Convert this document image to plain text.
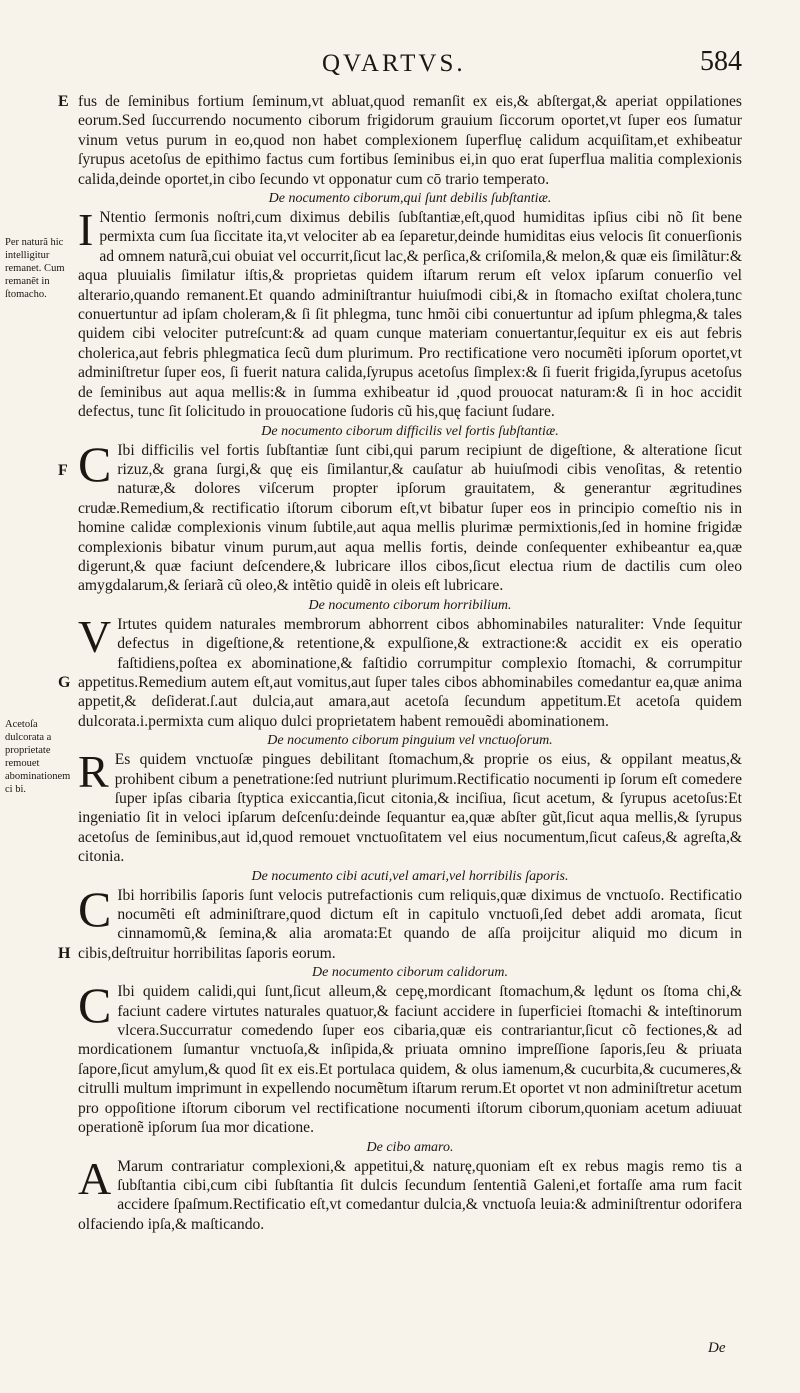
QVARTVS.	584
Per naturã hic intelligitur remanet. Cum remanẽt in ſtomacho.
Acetoſa dulcorata a proprietate remouet abominationem ci bi.
E fus de ſeminibus fortium ſeminum,vt abluat,quod remanſit ex eis,& abſtergat,& aperiat oppilationes eorum.Sed ſuccurrendo nocumento ciborum frigidorum grauium ſiccorum oportet,vt ſuper eos ſumatur vinum vetus purum in eo,quod non habet complexionem ſuperfluę calidum acquiſitam,et exhibeatur ſyrupus acetoſus de epithimo factus cum fortibus ſeminibus ei,in quo erat ſuperflua malitia complexionis calida,deinde oportet,in cibo ſecundo vt opponatur cum cō trario temperato.
De nocumento ciborum,qui ſunt debilis ſubſtantiæ.
I Ntentio ſermonis noſtri,cum diximus debilis ſubſtantiæ,eſt,quod humiditas ipſius cibi nõ ſit bene permixta cum ſua ſiccitate ita,vt velociter ab ea ſeparetur,deinde humiditas eius velocis ſit conuerſionis ad omnem naturã,cui obuiat vel occurrit,ſicut lac,& perſica,& criſomila,& melon,& quæ eis ſimilãtur:& aqua pluuialis ſimilatur iſtis,& proprietas quidem iſtarum rerum eſt velox ipſarum conuerſio vel alterario,quando remanent.Et quando adminiſtrantur huiuſmodi cibi,& in ſtomacho exiſtat cholera,tunc conuertuntur ad ipſam choleram,& ſi ſit phlegma, tunc hmõi cibi conuertuntur ad ipſum phlegma,& tales quidem cibi velociter putreſcunt:& ad quam cunque materiam conuertantur,ſequitur ex eis aut febris cholerica,aut febris phlegmatica ſecũ dum plurimum. Pro rectificatione vero nocumẽti ipſorum oportet,vt adminiſtretur ſuper eos, ſi fuerit natura calida,ſyrupus acetoſus ſimplex:& ſi fuerit frigida,ſyrupus acetoſus de ſeminibus aut aqua mellis:& in ſumma exhibeatur id ,quod prouocat naturam:& ſi in hoc accidit defectus, tunc ſit ſolicitudo in prouocatione ſudoris cũ his,quę faciunt ſudare.
F
De nocumento ciborum difficilis vel fortis ſubſtantiæ.
C Ibi difficilis vel fortis ſubſtantiæ ſunt cibi,qui parum recipiunt de digeſtione, & alteratione ſicut rizuz,& grana ſurgi,& quę eis ſimilantur,& cauſatur ab huiuſmodi cibis venoſitas, & retentio naturæ,& dolores viſcerum propter ipſorum grauitatem, & generantur ægritudines crudæ.Remedium,& rectificatio iſtorum ciborum eſt,vt bibatur ſuper eos in principio comeſtio nis in homine calidæ complexionis vinum ſubtile,aut aqua mellis plurimæ permixtionis,ſed in homine frigidæ complexionis bibatur vinum purum,aut aqua mellis fortis, deinde conſequenter exhibeantur ea,quæ digerunt,& quæ faciunt deſcendere,& lubricare illos cibos,ſicut electua rium de dactilis cum oleo amygdalarum,& ſeriarã cũ oleo,& intẽtio quidẽ in oleis eſt lubricare.
De nocumento ciborum horribilium.
V Irtutes quidem naturales membrorum abhorrent cibos abhominabiles naturaliter: Vnde ſequitur defectus in digeſtione,& retentione,& expulſione,& extractione:& accidit ex eis operatio faſtidiens,poſtea ex abominatione,& faſtidio corrumpitur complexio ſtomachi, & corrumpitur appetitus.Remedium autem eſt,aut vomitus,aut ſuper tales cibos abhominabiles comedantur ea,quæ anima appetit,& deſiderat.ſ.aut dulcia,aut amara,aut acetoſa ſecundum appetitum.Et acetoſa quidem dulcorata.i.permixta cum aliquo dulci proprietatem habent remouẽdi abominationem.
G
De nocumento ciborum pinguium vel vnctuoſorum.
R Es quidem vnctuoſæ pingues debilitant ſtomachum,& proprie os eius, & oppilant meatus,& prohibent cibum a penetratione:ſed nutriunt plurimum.Rectificatio nocumenti ip ſorum eſt comedere ſuper ipſas cibaria ſtyptica exiccantia,ſicut citonia,& inciſiua, ſicut acetum, & ſyrupus acetoſus:Et ingeniatio ſit in veloci ipſarum deſcenſu:deinde ſequantur ea,quæ abſter gũt,ſicut aqua mellis,& ſyrupus acetoſus de ſeminibus,aut id,quod remouet vnctuoſitatem vel eius nocumentum,ſicut caſeus,& agreſta,& citonia.
De nocumento cibi acuti,vel amari,vel horribilis ſaporis.
C Ibi horribilis ſaporis ſunt velocis putrefactionis cum reliquis,quæ diximus de vnctuoſo. Rectificatio nocumẽti eſt adminiſtrare,quod dictum eſt in capitulo vnctuoſi,ſed debet addi aromata, ſicut cinnamomũ,& ſemina,& alia aromata:Et quando de aſſa proijcitur aliquid mo dicum in cibis,deſtruitur horribilitas ſaporis eorum.
H
De nocumento ciborum calidorum.
C Ibi quidem calidi,qui ſunt,ſicut alleum,& cepę,mordicant ſtomachum,& lędunt os ſtoma chi,& faciunt cadere virtutes naturales quatuor,& faciunt accidere in ſuperficiei ſtomachi & inteſtinorum vlcera.Succurratur comedendo ſuper eos cibaria,quæ eis contrariantur,ſicut cõ fectiones,& ad mordicationem ſumantur vnctuoſa,& inſipida,& priuata omnino impreſſione ſaporis,ſeu & priuata ſapore,ſicut amylum,& quod ſit ex eis.Et portulaca quidem, & olus iamenum,& cucurbita,& cucumeres,& citrulli multum imprimunt in expellendo nocumẽtum iſtarum rerum.Et oportet vt non adminiſtretur acetum pro oppoſitione iſtorum ciborum vel rectificatione nocumenti iſtorum ciborum,quoniam acetum adiuuat operationẽ ipſorum ſua mor dicatione.
De cibo amaro.
A Marum contrariatur complexioni,& appetitui,& naturę,quoniam eſt ex rebus magis remo tis a ſubſtantia cibi,cum cibi ſubſtantia ſit dulcis ſecundum ſententiã Galeni,et fortaſſe ama rum facit accidere ſpaſmum.Rectificatio eſt,vt comedantur dulcia,& vnctuoſa leuia:& adminiſtrentur odorifera olfaciendo ipſa,& maſticando.
De
